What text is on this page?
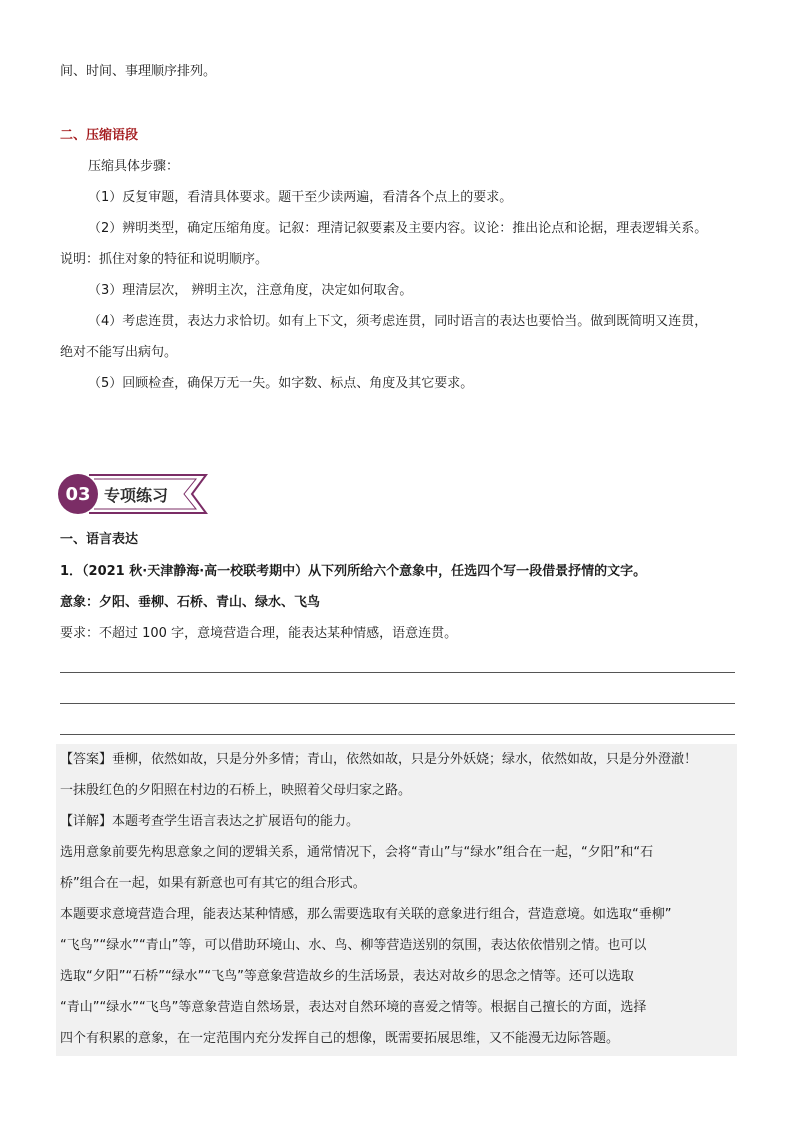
间、时间、事理顺序排列。
二、压缩语段
压缩具体步骤：
（1）反复审题，看清具体要求。题干至少读两遍，看清各个点上的要求。
（2）辨明类型，确定压缩角度。记叙：理清记叙要素及主要内容。议论：推出论点和论据，理表逻辑关系。
说明：抓住对象的特征和说明顺序。
（3）理清层次， 辨明主次，注意角度，决定如何取舍。
（4）考虑连贯，表达力求恰切。如有上下文，须考虑连贯，同时语言的表达也要恰当。做到既简明又连贯，
绝对不能写出病句。
（5）回顾检查，确保万无一失。如字数、标点、角度及其它要求。
专项练习
03
一、语言表达
1．（2021 秋·天津静海·高一校联考期中）从下列所给六个意象中，任选四个写一段借景抒情的文字。
意象：夕阳、垂柳、石桥、青山、绿水、飞鸟
要求：不超过 100 字，意境营造合理，能表达某种情感，语意连贯。
【答案】垂柳，依然如故，只是分外多情；青山，依然如故，只是分外妖娆；绿水，依然如故，只是分外澄澈！
一抹殷红色的夕阳照在村边的石桥上，映照着父母归家之路。
【详解】本题考查学生语言表达之扩展语句的能力。
选用意象前要先构思意象之间的逻辑关系，通常情况下，会将“青山”与“绿水”组合在一起，“夕阳”和“石
桥”组合在一起，如果有新意也可有其它的组合形式。
本题要求意境营造合理，能表达某种情感，那么需要选取有关联的意象进行组合，营造意境。如选取“垂柳”
“飞鸟”“绿水”“青山”等，可以借助环境山、水、鸟、柳等营造送别的氛围，表达依依惜别之情。也可以
选取“夕阳”“石桥”“绿水”“飞鸟”等意象营造故乡的生活场景，表达对故乡的思念之情等。还可以选取
“青山”“绿水”“飞鸟”等意象营造自然场景，表达对自然环境的喜爱之情等。根据自己擅长的方面，选择
四个有积累的意象，在一定范围内充分发挥自己的想像，既需要拓展思维，又不能漫无边际答题。
